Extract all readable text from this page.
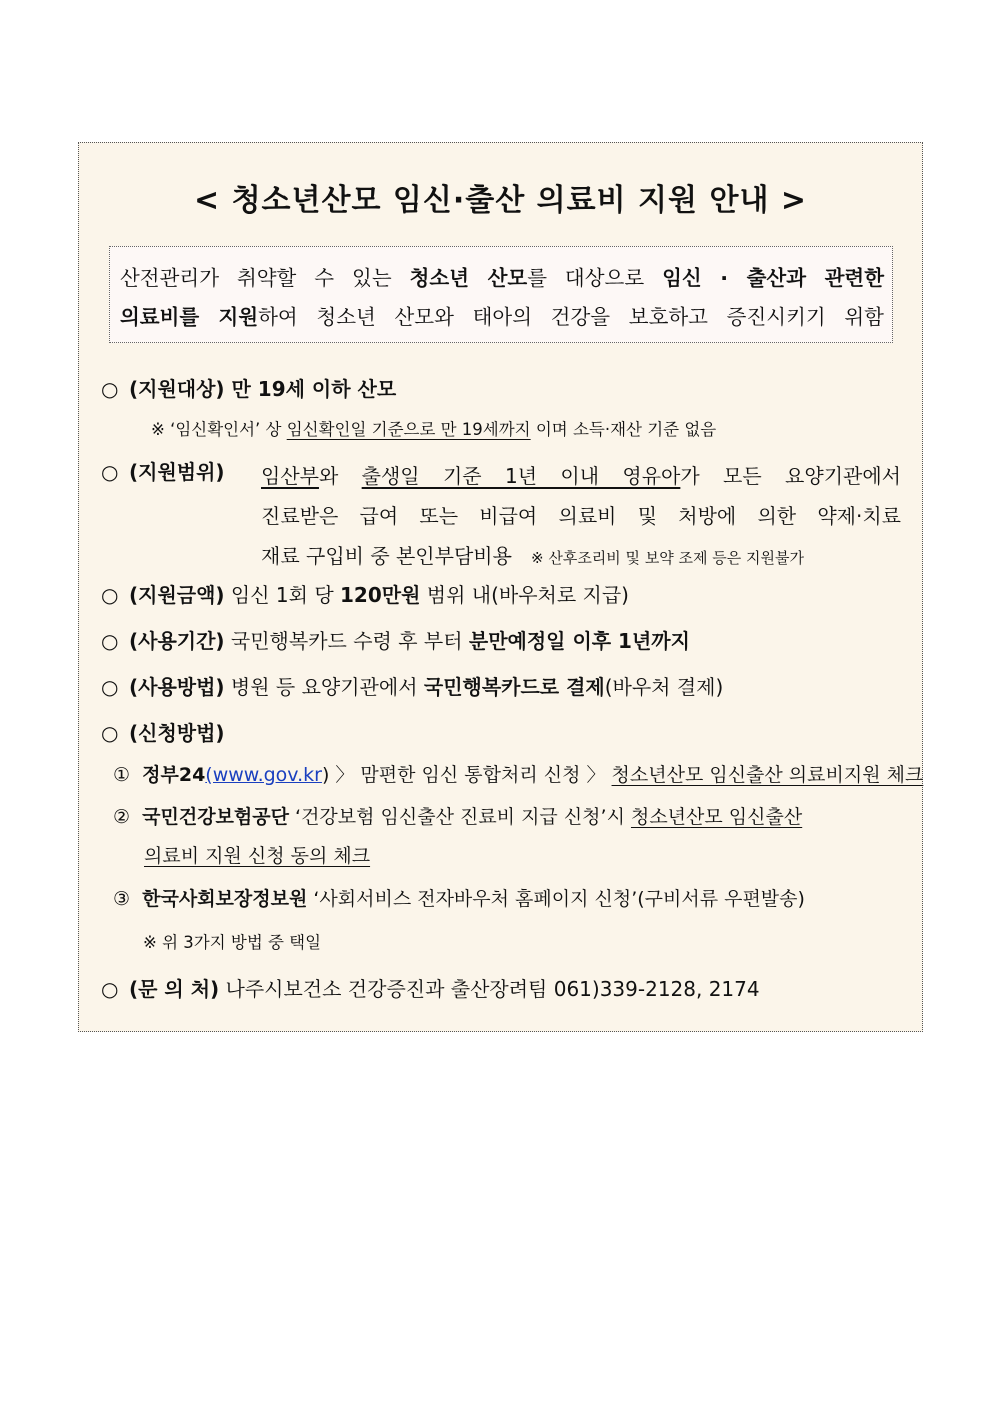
< 청소년산모 임신·출산 의료비 지원 안내 >
산전관리가 취약할 수 있는 청소년 산모를 대상으로 임신 · 출산과 관련한
의료비를 지원하여 청소년 산모와 태아의 건강을 보호하고 증진시키기 위함
○ (지원대상) 만 19세 이하 산모
※ ‘임신확인서’ 상 임신확인일 기준으로 만 19세까지 이며 소득·재산 기준 없음
○ (지원범위) 임산부와 출생일 기준 1년 이내 영유아가 모든 요양기관에서
진료받은 급여 또는 비급여 의료비 및 처방에 의한 약제·치료
재료 구입비 중 본인부담비용 ※ 산후조리비 및 보약 조제 등은 지원불가
○ (지원금액) 임신 1회 당 120만원 범위 내(바우처로 지급)
○ (사용기간) 국민행복카드 수령 후 부터 분만예정일 이후 1년까지
○ (사용방법) 병원 등 요양기관에서 국민행복카드로 결제(바우처 결제)
○ (신청방법)
① 정부24(www.gov.kr) 〉 맘편한 임신 통합처리 신청 〉 청소년산모 임신출산 의료비지원 체크
② 국민건강보험공단 ‘건강보험 임신출산 진료비 지급 신청’시 청소년산모 임신출산
의료비 지원 신청 동의 체크
③ 한국사회보장정보원 ‘사회서비스 전자바우처 홈페이지 신청’(구비서류 우편발송)
※ 위 3가지 방법 중 택일
○ (문 의 처) 나주시보건소 건강증진과 출산장려팀 061)339-2128, 2174
